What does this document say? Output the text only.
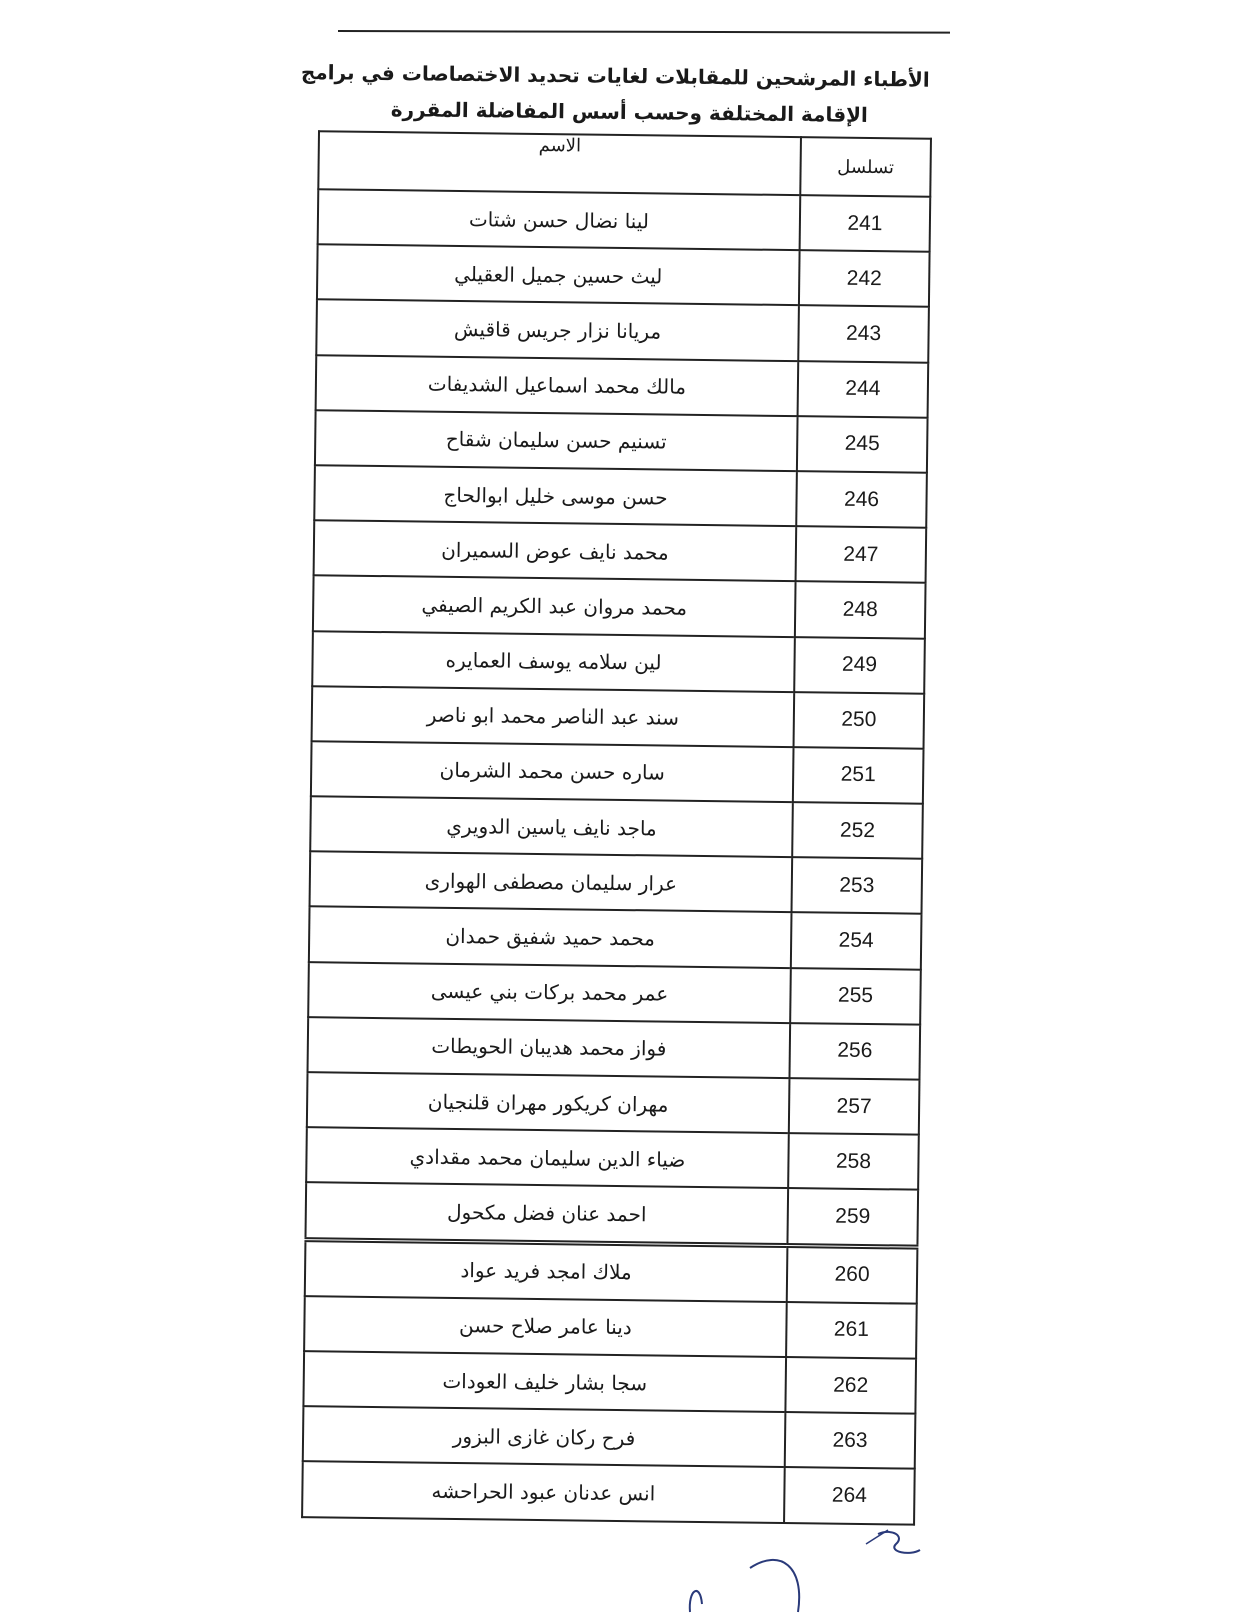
الأطباء المرشحين للمقابلات لغايات تحديد الاختصاصات في برامج
الإقامة المختلفة وحسب أسس المفاضلة المقررة
تسلسل	الاسم
241	لينا نضال حسن شتات
242	ليث حسين جميل العقيلي
243	مريانا نزار جريس قاقيش
244	مالك محمد اسماعيل الشديفات
245	تسنيم حسن سليمان شقاح
246	حسن موسى خليل ابوالحاج
247	محمد نايف عوض السميران
248	محمد مروان عبد الكريم الصيفي
249	لين سلامه يوسف العمايره
250	سند عبد الناصر محمد ابو ناصر
251	ساره حسن محمد الشرمان
252	ماجد نايف ياسين الدويري
253	عرار سليمان مصطفى الهوارى
254	محمد حميد شفيق حمدان
255	عمر محمد بركات بني عيسى
256	فواز محمد هديبان الحويطات
257	مهران كريكور مهران قلنجيان
258	ضياء الدين سليمان محمد مقدادي
259	احمد عنان فضل مكحول
260	ملاك امجد فريد عواد
261	دينا عامر صلاح حسن
262	سجا بشار خليف العودات
263	فرح ركان غازى البزور
264	انس عدنان عبود الحراحشه
